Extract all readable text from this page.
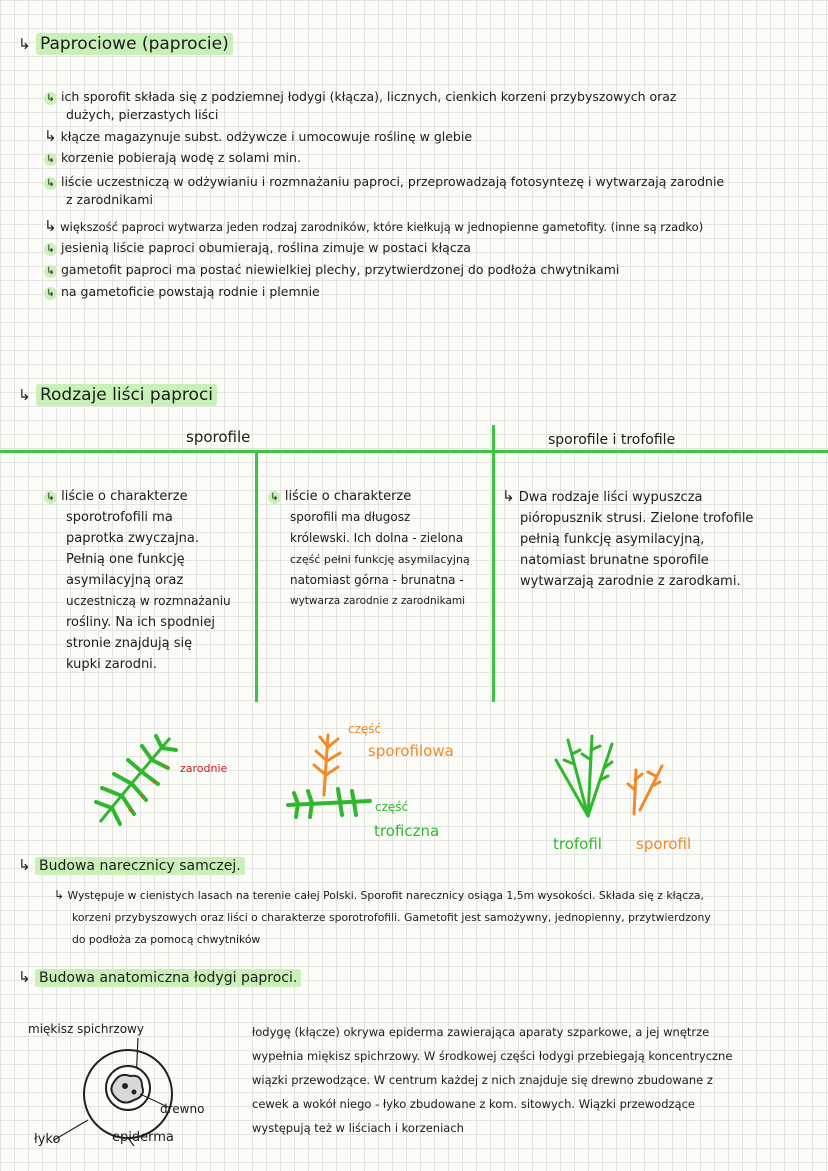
↳ Paprociowe (paprocie)
↳ ich sporofit składa się z podziemnej łodygi (kłącza), licznych, cienkich korzeni przybyszowych oraz
dużych, pierzastych liści
↳ kłącze magazynuje subst. odżywcze i umocowuje roślinę w glebie
↳ korzenie pobierają wodę z solami min.
↳ liście uczestniczą w odżywianiu i rozmnażaniu paproci, przeprowadzają fotosyntezę i wytwarzają zarodnie
z zarodnikami
↳ większość paproci wytwarza jeden rodzaj zarodników, które kiełkują w jednopienne gametofity. (inne są rzadko)
↳ jesienią liście paproci obumierają, roślina zimuje w postaci kłącza
↳ gametofit paproci ma postać niewielkiej plechy, przytwierdzonej do podłoża chwytnikami
↳ na gametoficie powstają rodnie i plemnie
↳ Rodzaje liści paproci
sporofile	sporofile i trofofile
↳ liście o charakterze
sporotrofofili ma
paprotka zwyczajna.
Pełnią one funkcję
asymilacyjną oraz
uczestniczą w rozmnażaniu
rośliny. Na ich spodniej
stronie znajdują się
kupki zarodni.
↳ liście o charakterze
sporofili ma długosz
królewski. Ich dolna - zielona
część pełni funkcję asymilacyjną
natomiast górna - brunatna -
wytwarza zarodnie z zarodnikami
↳ Dwa rodzaje liści wypuszcza
pióropusznik strusi. Zielone trofofile
pełnią funkcję asymilacyjną,
natomiast brunatne sporofile
wytwarzają zarodnie z zarodkami.
zarodnie
część
sporofilowa
część
troficzna
trofofil sporofil
↳ Budowa narecznicy samczej.
↳ Występuje w cienistych lasach na terenie całej Polski. Sporofit narecznicy osiąga 1,5m wysokości. Składa się z kłącza,
korzeni przybyszowych oraz liści o charakterze sporotrofofili. Gametofit jest samożywny, jednopienny, przytwierdzony
do podłoża za pomocą chwytników
↳ Budowa anatomiczna łodygi paproci.
miękisz spichrzowy
drewno
łyko	epiderma
łodygę (kłącze) okrywa epiderma zawierająca aparaty szparkowe, a jej wnętrze
wypełnia miękisz spichrzowy. W środkowej części łodygi przebiegają koncentryczne
wiązki przewodzące. W centrum każdej z nich znajduje się drewno zbudowane z
cewek a wokół niego - łyko zbudowane z kom. sitowych. Wiązki przewodzące
występują też w liściach i korzeniach
